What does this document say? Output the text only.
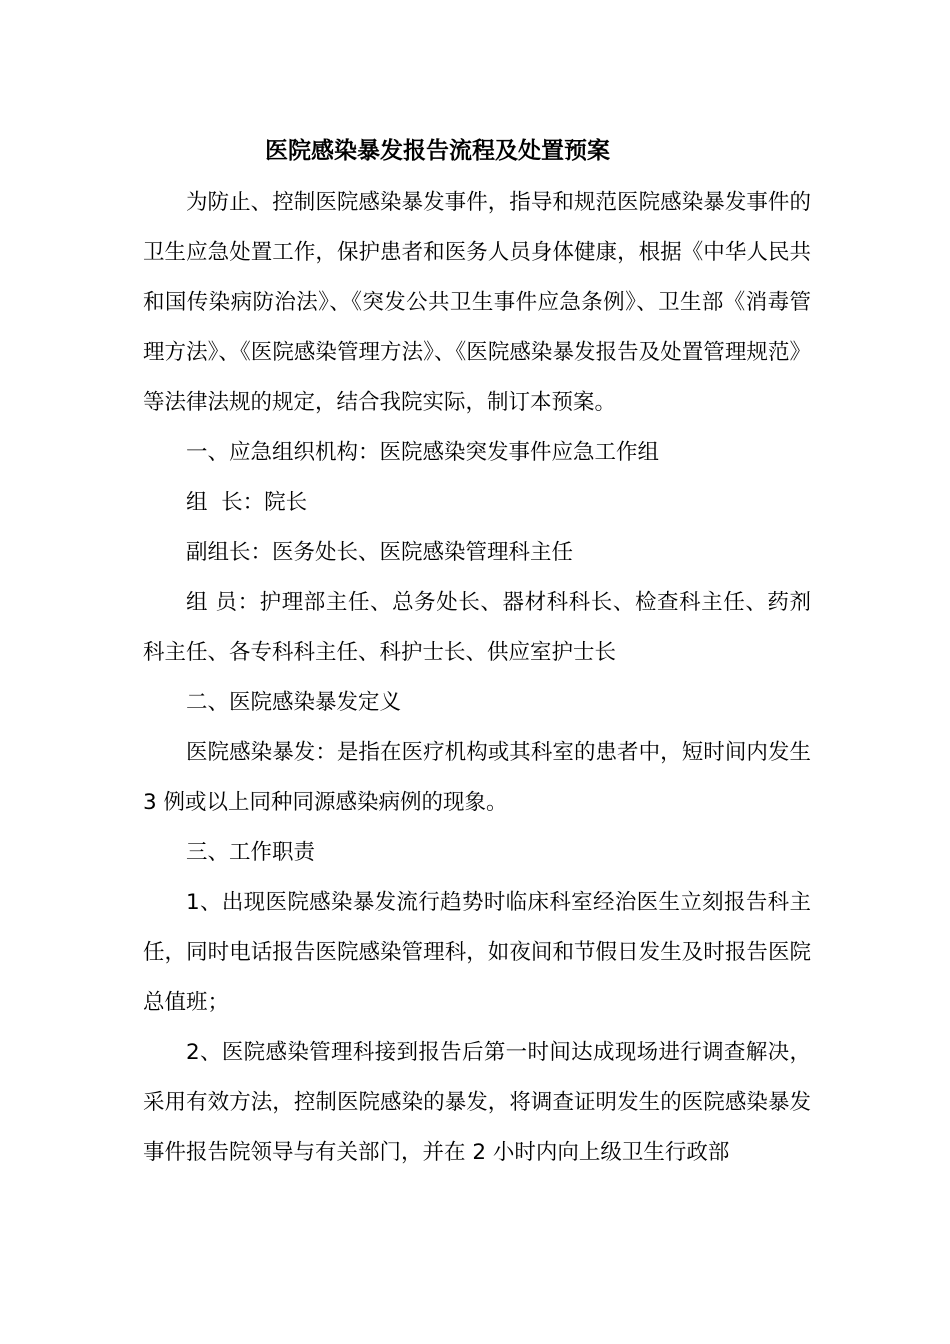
医院感染暴发报告流程及处置预案

为防止、控制医院感染暴发事件，指导和规范医院感染暴发事件的卫生应急处置工作，保护患者和医务人员身体健康，根据《中华人民共和国传染病防治法》、《突发公共卫生事件应急条例》、卫生部《消毒管理方法》、《医院感染管理方法》、《医院感染暴发报告及处置管理规范》等法律法规的规定，结合我院实际，制订本预案。

一、应急组织机构：医院感染突发事件应急工作组

组  长：院长

副组长：医务处长、医院感染管理科主任

组 员：护理部主任、总务处长、器材科科长、检查科主任、药剂科主任、各专科科主任、科护士长、供应室护士长

二、医院感染暴发定义

医院感染暴发：是指在医疗机构或其科室的患者中，短时间内发生 3 例或以上同种同源感染病例的现象。

三、工作职责

1、出现医院感染暴发流行趋势时临床科室经治医生立刻报告科主任，同时电话报告医院感染管理科，如夜间和节假日发生及时报告医院总值班；

2、医院感染管理科接到报告后第一时间达成现场进行调查解决，采用有效方法，控制医院感染的暴发，将调查证明发生的医院感染暴发事件报告院领导与有关部门，并在 2 小时内向上级卫生行政部
